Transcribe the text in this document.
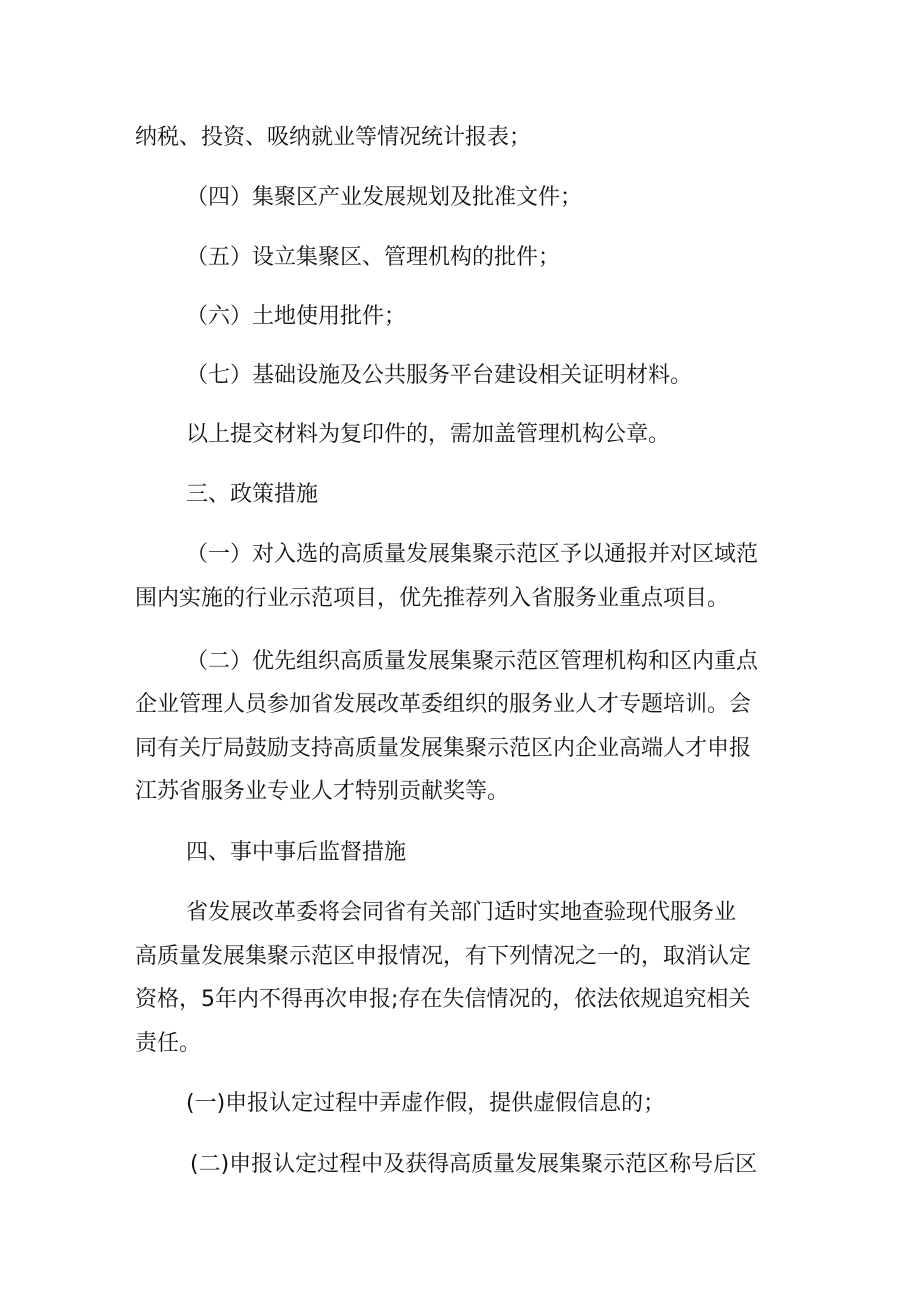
纳税、投资、吸纳就业等情况统计报表；

（四）集聚区产业发展规划及批准文件；

（五）设立集聚区、管理机构的批件；

（六）土地使用批件；

（七）基础设施及公共服务平台建设相关证明材料。

以上提交材料为复印件的，需加盖管理机构公章。

三、政策措施

（一）对入选的高质量发展集聚示范区予以通报并对区域范

围内实施的行业示范项目，优先推荐列入省服务业重点项目。

（二）优先组织高质量发展集聚示范区管理机构和区内重点

企业管理人员参加省发展改革委组织的服务业人才专题培训。会

同有关厅局鼓励支持高质量发展集聚示范区内企业高端人才申报

江苏省服务业专业人才特别贡献奖等。

四、事中事后监督措施

省发展改革委将会同省有关部门适时实地查验现代服务业

高质量发展集聚示范区申报情况，有下列情况之一的，取消认定

资格，5年内不得再次申报;存在失信情况的，依法依规追究相关

责任。

(一)申报认定过程中弄虚作假，提供虚假信息的；

(二)申报认定过程中及获得高质量发展集聚示范区称号后区
